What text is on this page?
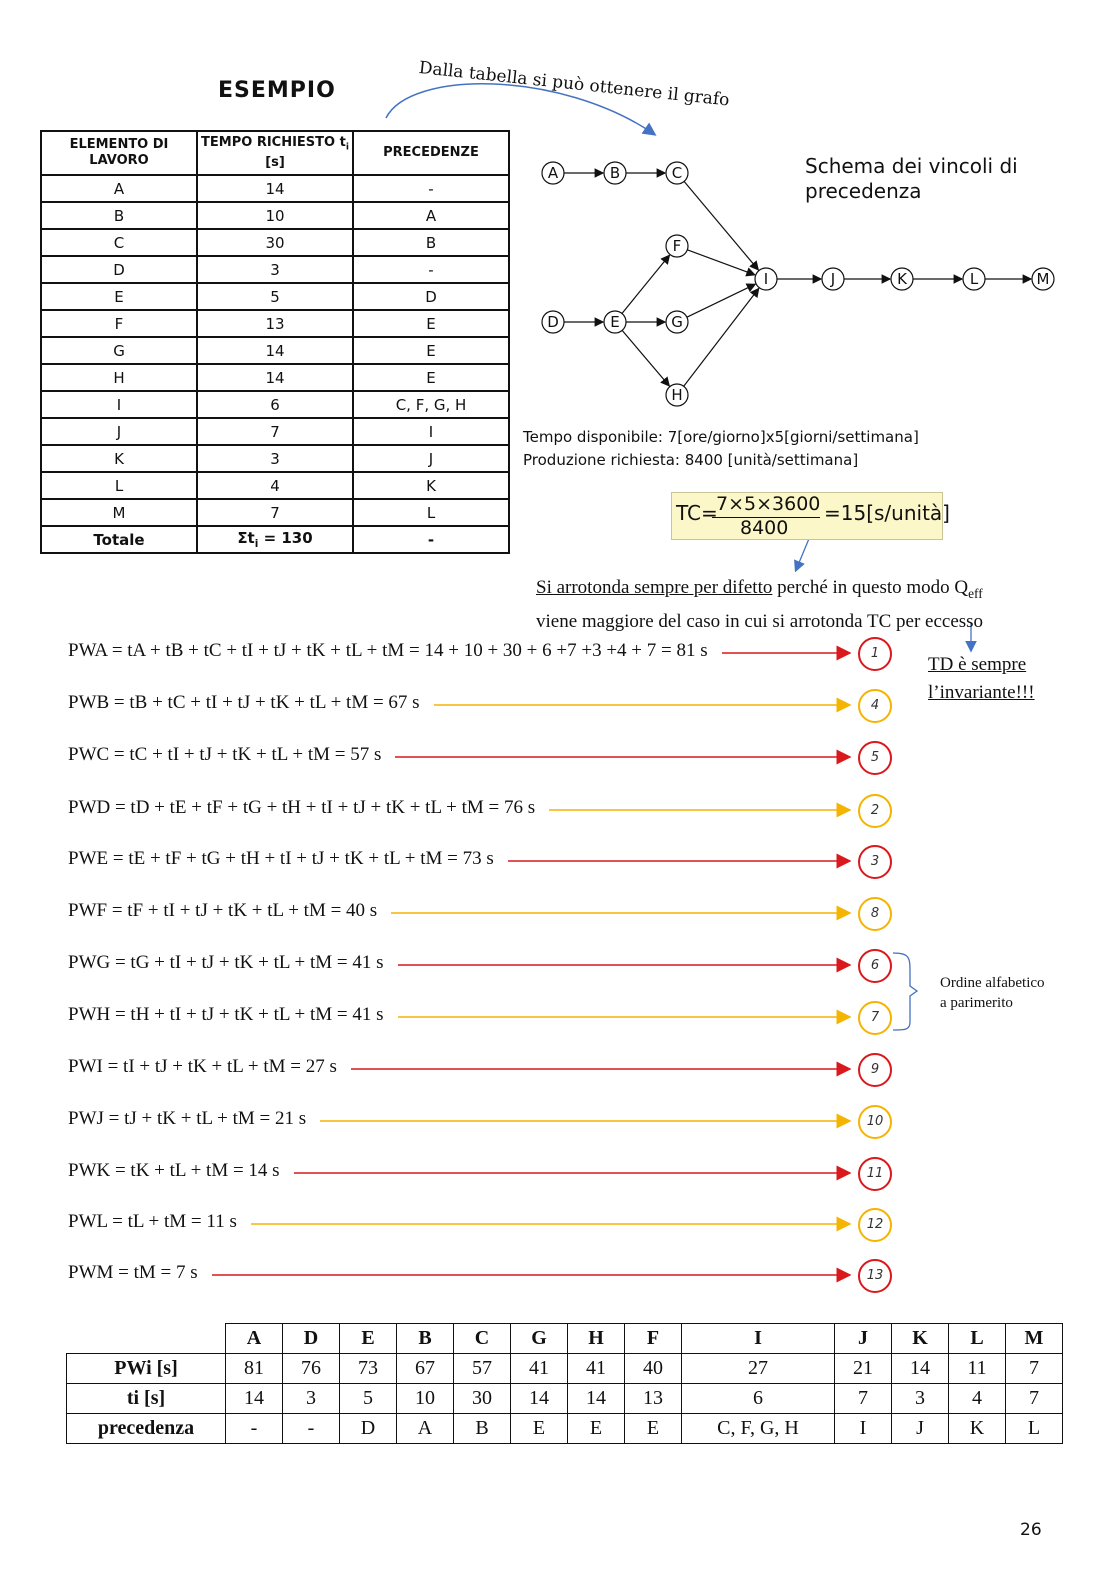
ESEMPIO	Dalla tabella si può ottenere il grafo
ELEMENTO DI LAVORO	TEMPO RICHIESTO $t_i$ [s]	PRECEDENZE
A	14	-
B	10	A
C	30	B
D	3	-
E	5	D
F	13	E
G	14	E
H	14	E
I	6	C, F, G, H
J	7	I
K	3	J
L	4	K
M	7	L
Totale	$\Sigma t_i = 130$	-
Schema dei vincoli di precedenza
A	B	C
D	E
F
G
H
I	J	K	L	M
Tempo disponibile: 7[ore/giorno]x5[giorni/settimana]
Produzione richiesta: 8400 [unità/settimana]
TC=
7×5×3600
8400
=15[s/unità]
Si arrotonda sempre per difetto perché in questo modo $Q_{eff}$
viene maggiore del caso in cui si arrotonda TC per eccesso
TD è sempre
l’invariante!!!
PWA = tA + tB + tC + tI + tJ + tK + tL + tM = 14 + 10 + 30 + 6 +7 +3 +4 + 7 = 81 s	1
PWB = tB + tC + tI + tJ + tK + tL + tM = 67 s	4
PWC = tC + tI + tJ + tK + tL + tM = 57 s	5
PWD = tD + tE + tF + tG + tH + tI + tJ + tK + tL + tM = 76 s	2
PWE = tE + tF + tG + tH + tI + tJ + tK + tL + tM = 73 s	3
PWF = tF + tI + tJ + tK + tL + tM = 40 s	8
PWG = tG + tI + tJ + tK + tL + tM = 41 s	6
PWH = tH + tI + tJ + tK + tL + tM = 41 s	7
PWI = tI + tJ + tK + tL + tM = 27 s	9
PWJ = tJ + tK + tL + tM = 21 s	10
PWK = tK + tL + tM = 14 s	11
PWL = tL + tM = 11 s	12
PWM = tM = 7 s	13
Ordine alfabetico
a parimerito
	A	D	E	B	C	G	H	F	I	J	K	L	M
PWi [s]	81	76	73	67	57	41	41	40	27	21	14	11	7
ti [s]	14	3	5	10	30	14	14	13	6	7	3	4	7
precedenza	-	-	D	A	B	E	E	E	C, F, G, H	I	J	K	L
26
